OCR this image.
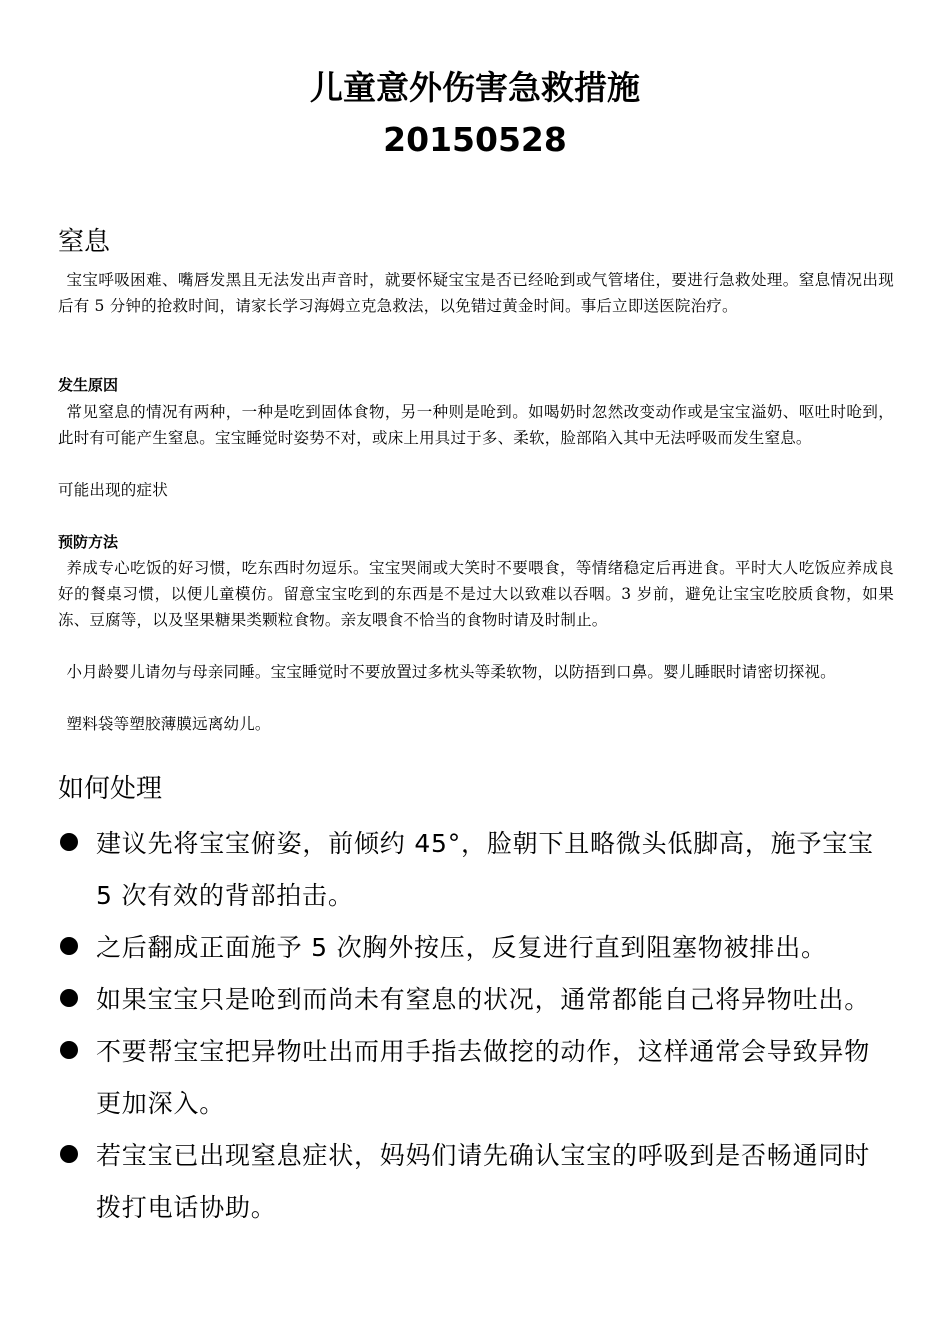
儿童意外伤害急救措施
20150528
窒息

宝宝呼吸困难、嘴唇发黑且无法发出声音时，就要怀疑宝宝是否已经呛到或气管堵住，要进行急救处理。窒息情况出现后有 5 分钟的抢救时间，请家长学习海姆立克急救法，以免错过黄金时间。事后立即送医院治疗。

发生原因

常见窒息的情况有两种，一种是吃到固体食物，另一种则是呛到。如喝奶时忽然改变动作或是宝宝溢奶、呕吐时呛到，此时有可能产生窒息。宝宝睡觉时姿势不对，或床上用具过于多、柔软，脸部陷入其中无法呼吸而发生窒息。

可能出现的症状

预防方法

养成专心吃饭的好习惯，吃东西时勿逗乐。宝宝哭闹或大笑时不要喂食，等情绪稳定后再进食。平时大人吃饭应养成良好的餐桌习惯，以便儿童模仿。留意宝宝吃到的东西是不是过大以致难以吞咽。3 岁前，避免让宝宝吃胶质食物，如果冻、豆腐等，以及坚果糖果类颗粒食物。亲友喂食不恰当的食物时请及时制止。

小月龄婴儿请勿与母亲同睡。宝宝睡觉时不要放置过多枕头等柔软物，以防捂到口鼻。婴儿睡眠时请密切探视。

塑料袋等塑胶薄膜远离幼儿。

如何处理
建议先将宝宝俯姿，前倾约 45°，脸朝下且略微头低脚高，施予宝宝 5 次有效的背部拍击。
之后翻成正面施予 5 次胸外按压，反复进行直到阻塞物被排出。
如果宝宝只是呛到而尚未有窒息的状况，通常都能自己将异物吐出。
不要帮宝宝把异物吐出而用手指去做挖的动作，这样通常会导致异物更加深入。
若宝宝已出现窒息症状，妈妈们请先确认宝宝的呼吸到是否畅通同时拨打电话协助。
